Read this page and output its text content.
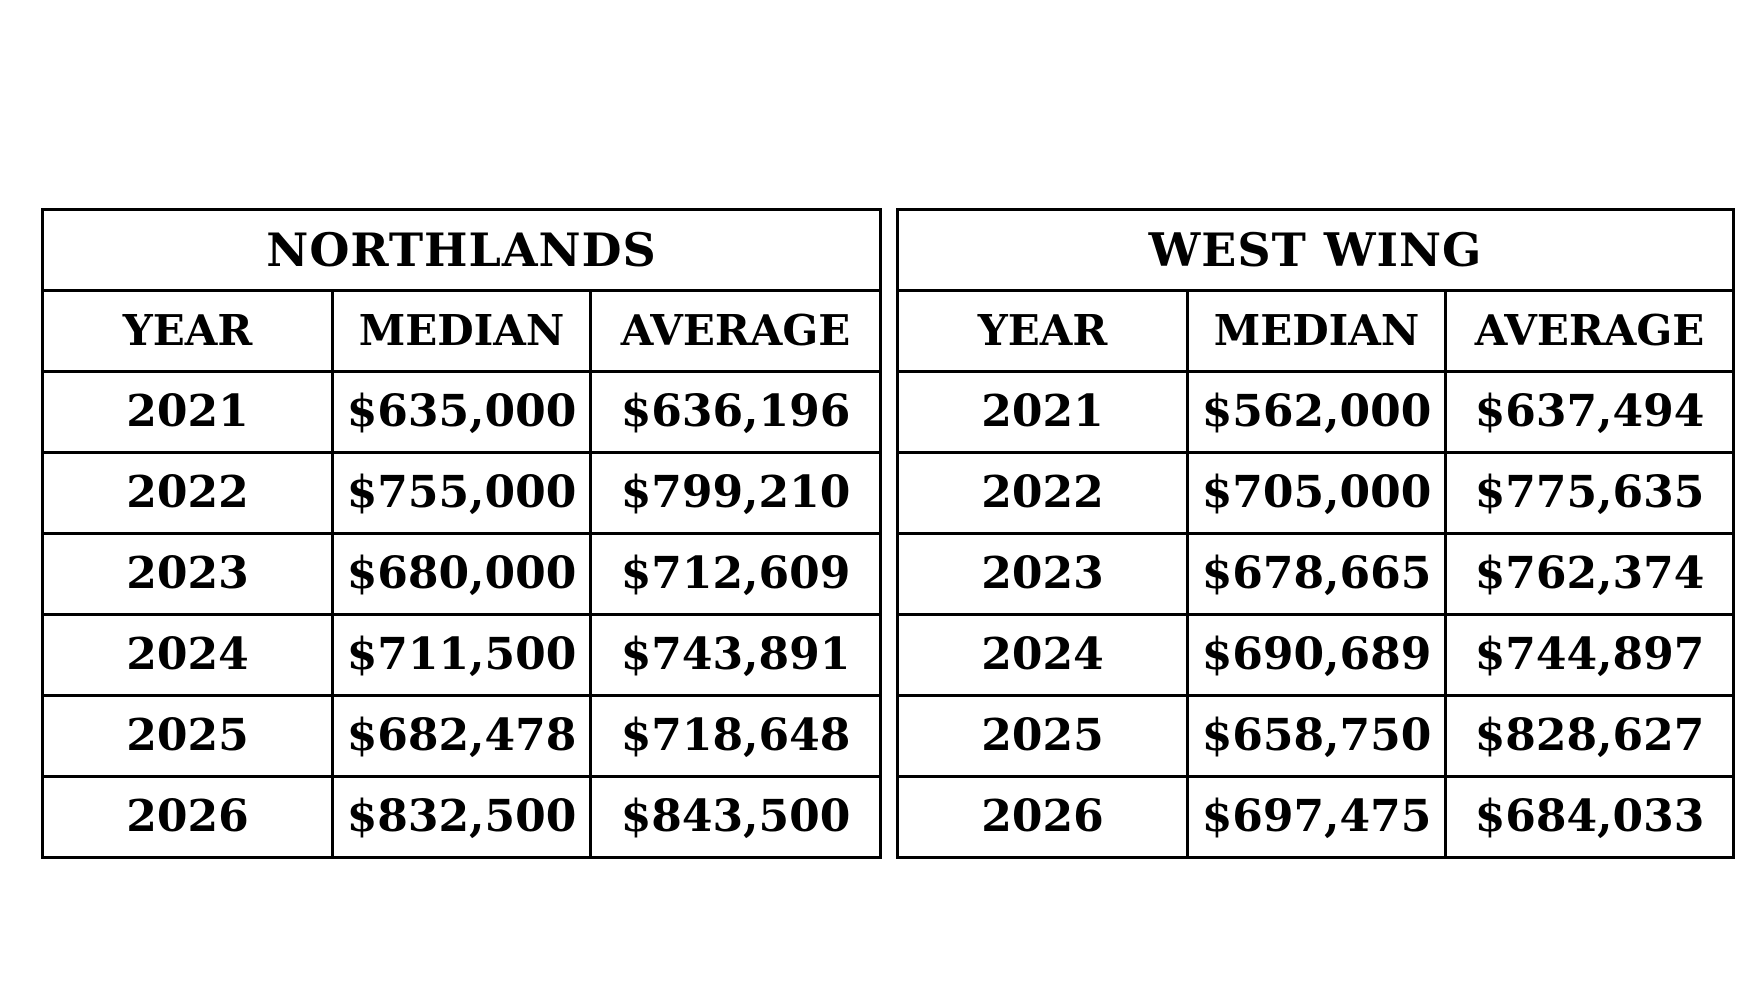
NORTHLANDS		
YEAR	MEDIAN	AVERAGE
2021	$635,000	$636,196
2022	$755,000	$799,210
2023	$680,000	$712,609
2024	$711,500	$743,891
2025	$682,478	$718,648
2026	$832,500	$843,500
WEST WING		
YEAR	MEDIAN	AVERAGE
2021	$562,000	$637,494
2022	$705,000	$775,635
2023	$678,665	$762,374
2024	$690,689	$744,897
2025	$658,750	$828,627
2026	$697,475	$684,033
